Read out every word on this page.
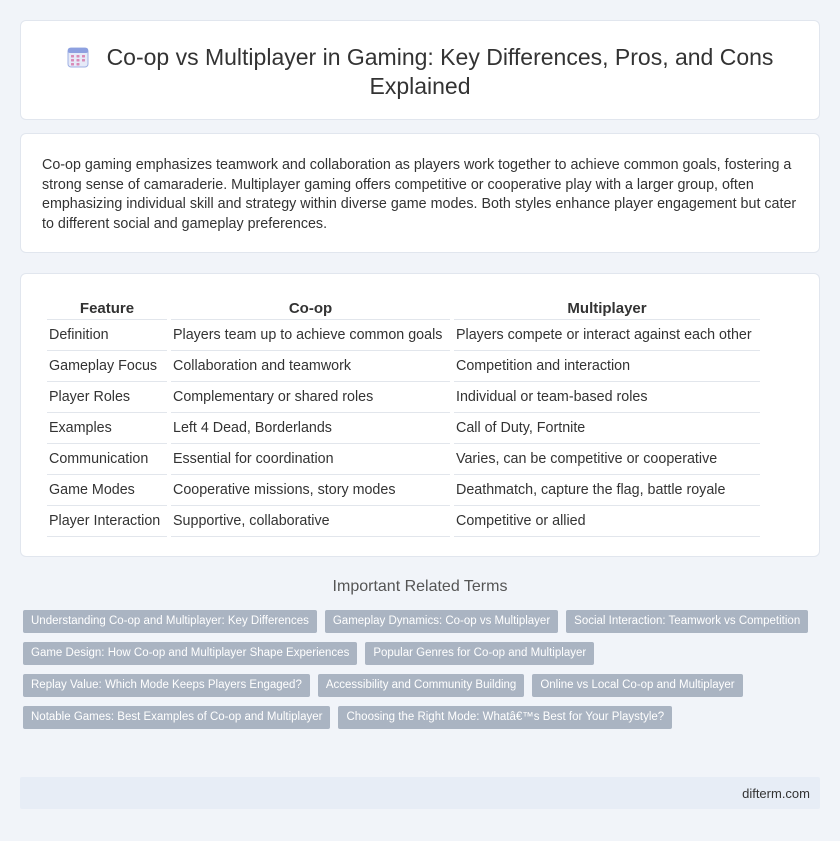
Co-op vs Multiplayer in Gaming: Key Differences, Pros, and Cons Explained

Co-op gaming emphasizes teamwork and collaboration as players work together to achieve common goals, fostering a strong sense of camaraderie. Multiplayer gaming offers competitive or cooperative play with a larger group, often emphasizing individual skill and strategy within diverse game modes. Both styles enhance player engagement but cater to different social and gameplay preferences.

Feature	Co-op	Multiplayer
Definition	Players team up to achieve common goals	Players compete or interact against each other
Gameplay Focus	Collaboration and teamwork	Competition and interaction
Player Roles	Complementary or shared roles	Individual or team-based roles
Examples	Left 4 Dead, Borderlands	Call of Duty, Fortnite
Communication	Essential for coordination	Varies, can be competitive or cooperative
Game Modes	Cooperative missions, story modes	Deathmatch, capture the flag, battle royale
Player Interaction	Supportive, collaborative	Competitive or allied
Important Related Terms
Understanding Co-op and Multiplayer: Key Differences	Gameplay Dynamics: Co-op vs Multiplayer	Social Interaction: Teamwork vs Competition
Game Design: How Co-op and Multiplayer Shape Experiences	Popular Genres for Co-op and Multiplayer
Replay Value: Which Mode Keeps Players Engaged?	Accessibility and Community Building	Online vs Local Co-op and Multiplayer
Notable Games: Best Examples of Co-op and Multiplayer	Choosing the Right Mode: Whatâ€™s Best for Your Playstyle?
difterm.com
